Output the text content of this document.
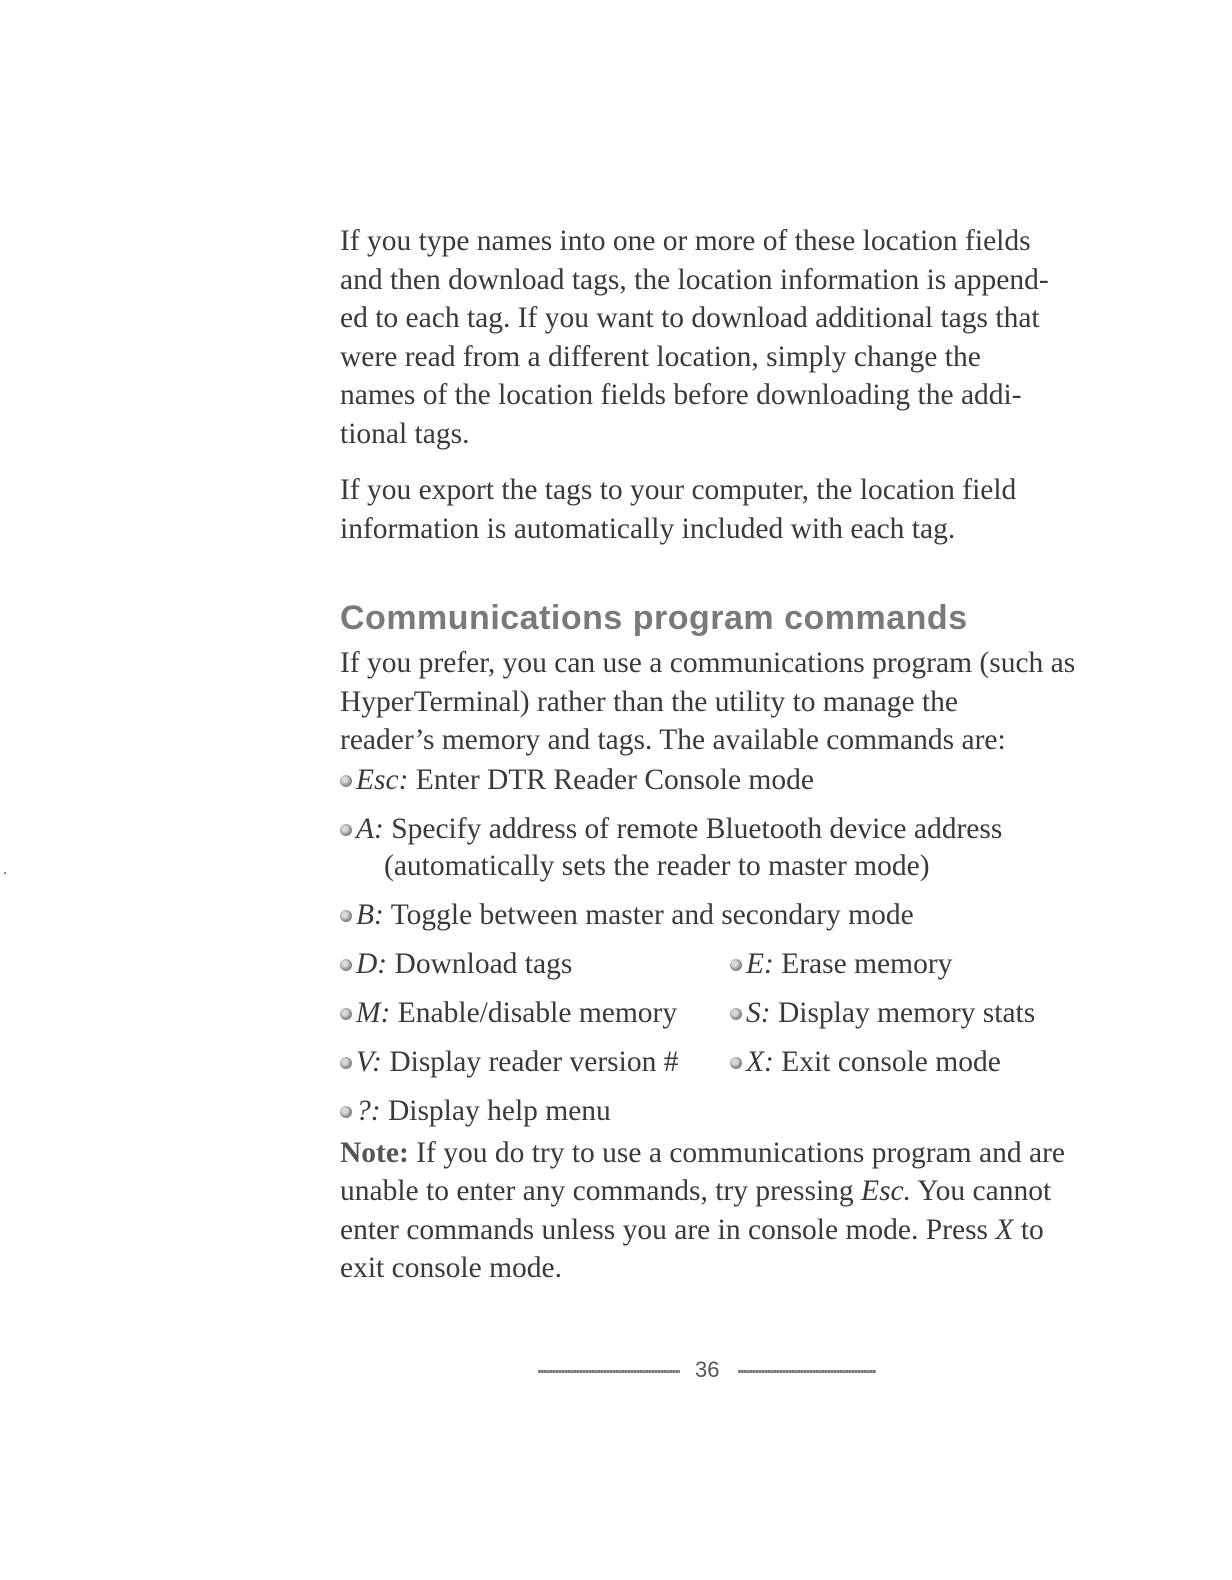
If you type names into one or more of these location fields
and then download tags, the location information is append-
ed to each tag. If you want to download additional tags that
were read from a different location, simply change the
names of the location fields before downloading the addi-
tional tags.

If you export the tags to your computer, the location field
information is automatically included with each tag.

Communications program commands

If you prefer, you can use a communications program (such as
HyperTerminal) rather than the utility to manage the
reader’s memory and tags. The available commands are:

Esc: Enter DTR Reader Console mode
A: Specify address of remote Bluetooth device address
(automatically sets the reader to master mode)
B: Toggle between master and secondary mode
D: Download tags	E: Erase memory
M: Enable/disable memory S: Display memory stats
V: Display reader version # X: Exit console mode
?: Display help menu

Note: If you do try to use a communications program and are
unable to enter any commands, try pressing Esc. You cannot
enter commands unless you are in console mode. Press X to
exit console mode.

36
